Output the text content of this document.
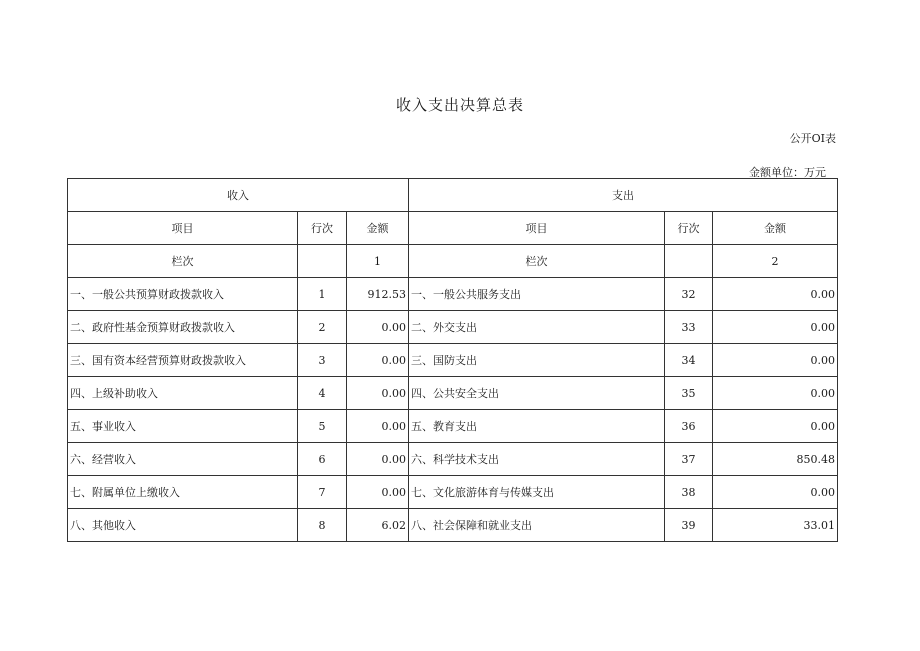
收入支出决算总表
公开OI表
金额单位：万元
收入			支出		
项目	行次	金额	项目	行次	金额
栏次		1	栏次		2
一、一般公共预算财政拨款收入	1	912.53	一、一般公共服务支出	32	0.00
二、政府性基金预算财政拨款收入	2	0.00	二、外交支出	33	0.00
三、国有资本经营预算财政拨款收入	3	0.00	三、国防支出	34	0.00
四、上级补助收入	4	0.00	四、公共安全支出	35	0.00
五、事业收入	5	0.00	五、教育支出	36	0.00
六、经营收入	6	0.00	六、科学技术支出	37	850.48
七、附属单位上缴收入	7	0.00	七、文化旅游体育与传媒支出	38	0.00
八、其他收入	8	6.02	八、社会保障和就业支出	39	33.01
